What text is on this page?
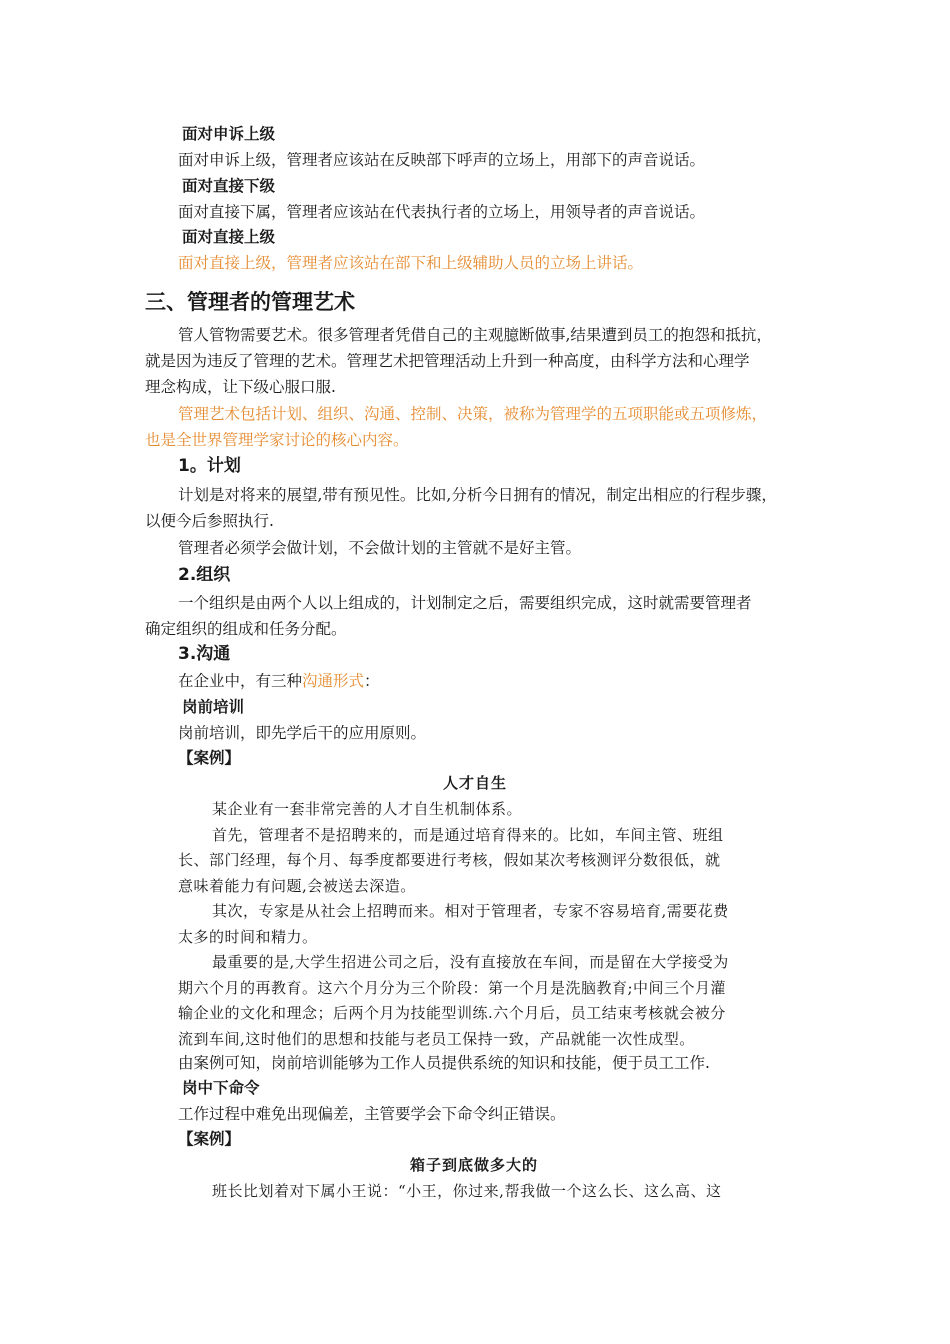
面对申诉上级
面对申诉上级，管理者应该站在反映部下呼声的立场上，用部下的声音说话。
面对直接下级
面对直接下属，管理者应该站在代表执行者的立场上，用领导者的声音说话。
面对直接上级
面对直接上级，管理者应该站在部下和上级辅助人员的立场上讲话。
三、管理者的管理艺术
管人管物需要艺术。很多管理者凭借自己的主观臆断做事,结果遭到员工的抱怨和抵抗，
就是因为违反了管理的艺术。管理艺术把管理活动上升到一种高度，由科学方法和心理学
理念构成，让下级心服口服.
管理艺术包括计划、组织、沟通、控制、决策，被称为管理学的五项职能或五项修炼，
也是全世界管理学家讨论的核心内容。
1。计划
计划是对将来的展望,带有预见性。比如,分析今日拥有的情况，制定出相应的行程步骤，
以便今后参照执行.
管理者必须学会做计划，不会做计划的主管就不是好主管。
2.组织
一个组织是由两个人以上组成的，计划制定之后，需要组织完成，这时就需要管理者
确定组织的组成和任务分配。
3.沟通
在企业中，有三种沟通形式：
岗前培训
岗前培训，即先学后干的应用原则。
【案例】
人才自生
某企业有一套非常完善的人才自生机制体系。
首先，管理者不是招聘来的，而是通过培育得来的。比如，车间主管、班组
长、部门经理，每个月、每季度都要进行考核，假如某次考核测评分数很低，就
意味着能力有问题,会被送去深造。
其次，专家是从社会上招聘而来。相对于管理者，专家不容易培育,需要花费
太多的时间和精力。
最重要的是,大学生招进公司之后，没有直接放在车间，而是留在大学接受为
期六个月的再教育。这六个月分为三个阶段：第一个月是洗脑教育;中间三个月灌
输企业的文化和理念；后两个月为技能型训练.六个月后，员工结束考核就会被分
流到车间,这时他们的思想和技能与老员工保持一致，产品就能一次性成型。
由案例可知，岗前培训能够为工作人员提供系统的知识和技能，便于员工工作.
岗中下命令
工作过程中难免出现偏差，主管要学会下命令纠正错误。
【案例】
箱子到底做多大的
班长比划着对下属小王说：“小王，你过来,帮我做一个这么长、这么高、这
